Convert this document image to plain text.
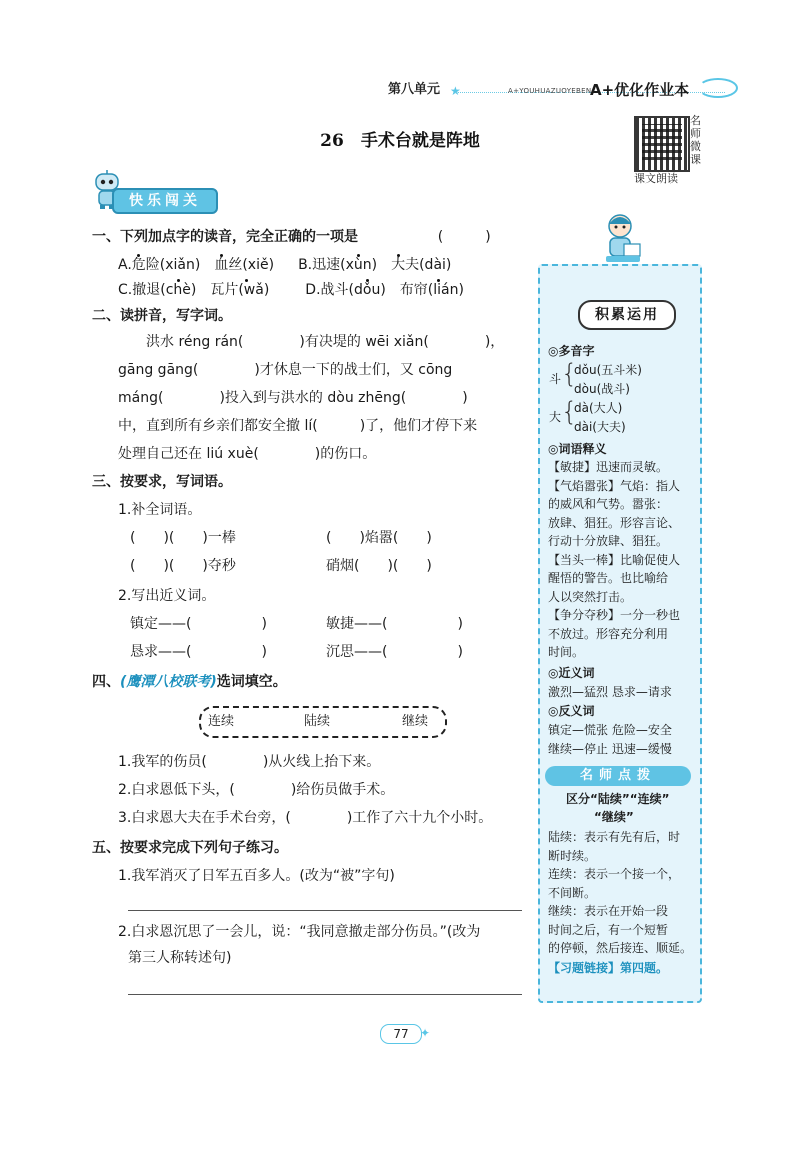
第八单元 ★	A+YOUHUAZUOYEBEN
A+优化作业本
26　手术台就是阵地
名师微课
课文朗读
快乐闯关
一、下列加点字的读音，完全正确的一项是	(　　　)
A.危险(xiǎn)　血丝(xiě) B.迅速(xùn)　大夫(dài)
C.撤退(chè)　瓦片(wǎ)	D.战斗(dǒu)　布帘(lián)
二、读拼音，写字词。
洪水 réng rán(　　　　	)有决堤的 wēi xiǎn(　　　　	)，
gāng gāng(　　　　	)才休息一下的战士们，又 cōng
máng(　　　　	)投入到与洪水的 dòu zhēng(　　　　	)
中，直到所有乡亲们都安全撤 lí(　　　	)了，他们才停下来
处理自己还在 liú xuè(　　　　	)的伤口。
三、按要求，写词语。
1.补全词语。
(　　)(　　)一棒	(　　)焰嚣(　　)
(　　)(　　)夺秒	硝烟(　　)(　　)
2.写出近义词。
镇定——(　　　　　)	敏捷——(　　　　　)
恳求——(　　　　　)	沉思——(　　　　　)
四、(鹰潭八校联考)选词填空。
连续	陆续	继续
1.我军的伤员(　　　　)从火线上抬下来。
2.白求恩低下头，(　　　　)给伤员做手术。
3.白求恩大夫在手术台旁，(　　　　)工作了六十九个小时。
五、按要求完成下列句子练习。
1.我军消灭了日军五百多人。(改为“被”字句)
2.白求恩沉思了一会儿，说：“我同意撤走部分伤员。”(改为
第三人称转述句)
积累运用
◎多音字
斗 {
dǒu(五斗米)
dòu(战斗)
大 {
dà(大人)
dài(大夫)
◎词语释义
【敏捷】迅速而灵敏。
【气焰嚣张】气焰：指人
的威风和气势。嚣张：
放肆、猖狂。形容言论、
行动十分放肆、猖狂。
【当头一棒】比喻促使人
醒悟的警告。也比喻给
人以突然打击。
【争分夺秒】一分一秒也
不放过。形容充分利用
时间。
◎近义词
激烈—猛烈 恳求—请求
◎反义词
镇定—慌张 危险—安全
继续—停止 迅速—缓慢
名师点拨
区分“陆续”“连续”
“继续”
陆续：表示有先有后，时
断时续。
连续：表示一个接一个，
不间断。
继续：表示在开始一段
时间之后，有一个短暂
的停顿，然后接连、顺延。
【习题链接】第四题。
77 ✦
